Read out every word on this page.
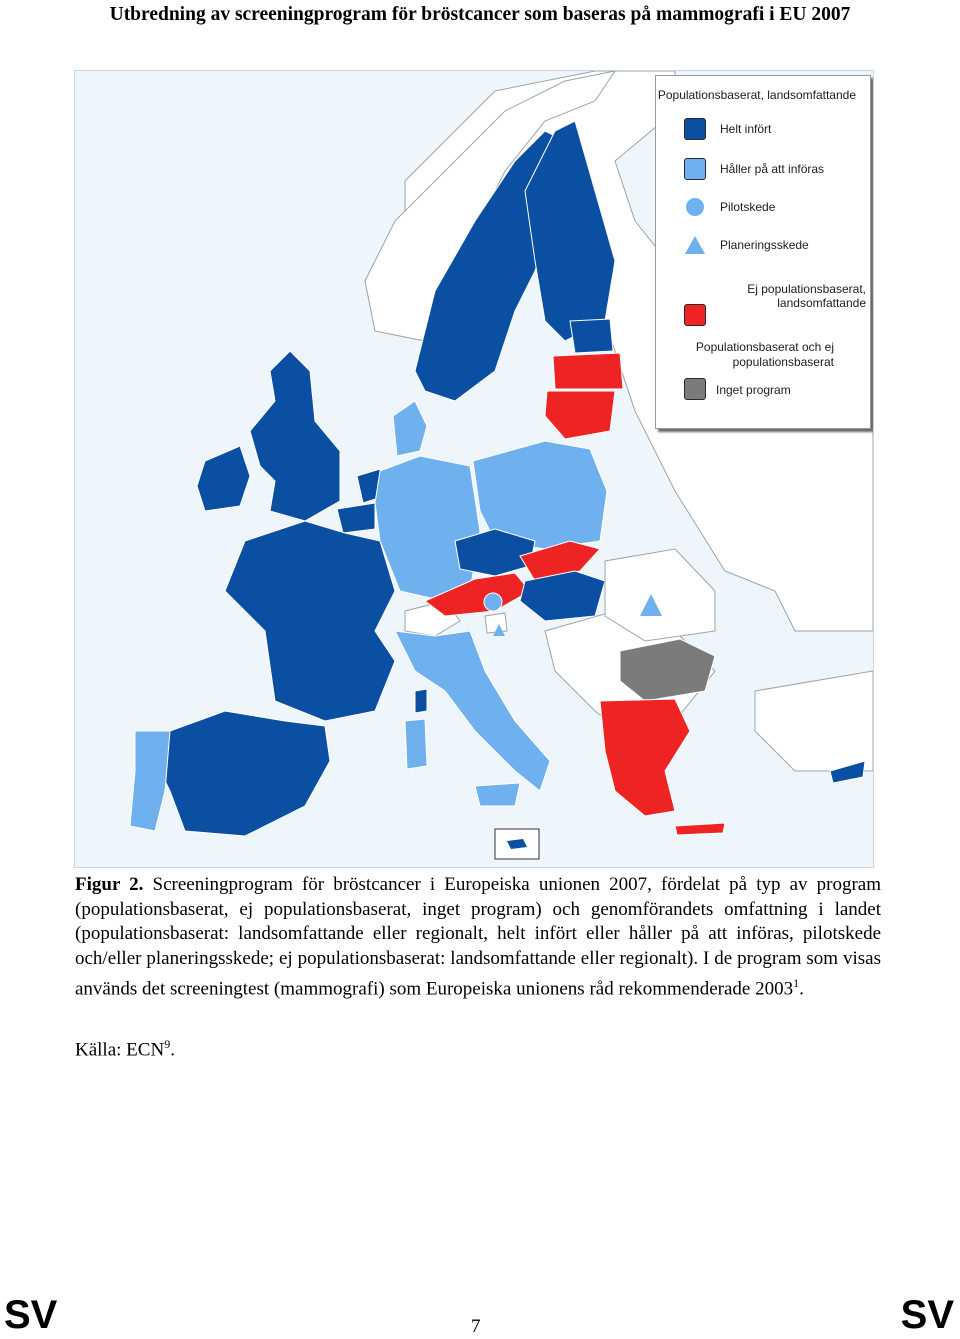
Utbredning av screeningprogram för bröstcancer som baseras på mammografi i EU 2007
Populationsbaserat, landsomfattande
Helt infört
Håller på att införas
Pilotskede
Planeringsskede
Ej populationsbaserat, landsomfattande
Populationsbaserat och ej populationsbaserat
Inget program
Figur 2. Screeningprogram för bröstcancer i Europeiska unionen 2007, fördelat på typ av program (populationsbaserat, ej populationsbaserat, inget program) och genomförandets omfattning i landet (populationsbaserat: landsomfattande eller regionalt, helt infört eller håller på att införas, pilotskede och/eller planeringsskede; ej populationsbaserat: landsomfattande eller regionalt). I de program som visas används det screeningtest (mammografi) som Europeiska unionens råd rekommenderade 2003$^1$.
Källa: ECN$^9$.
SV	7	SV
